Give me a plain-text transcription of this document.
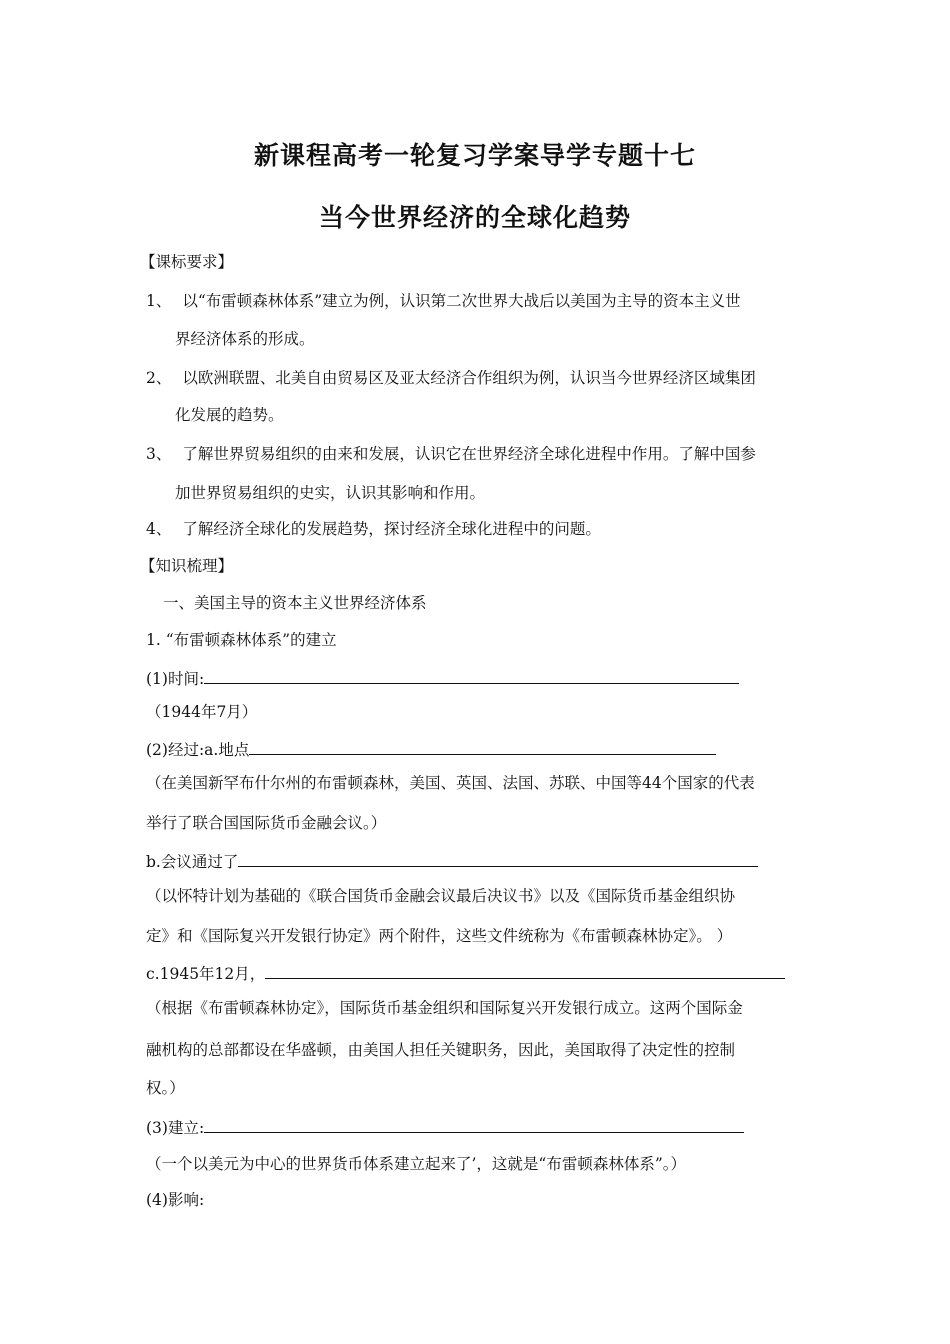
新课程高考一轮复习学案导学专题十七
当今世界经济的全球化趋势
【课标要求】
1、 以“布雷顿森林体系”建立为例，认识第二次世界大战后以美国为主导的资本主义世
界经济体系的形成。
2、 以欧洲联盟、北美自由贸易区及亚太经济合作组织为例，认识当今世界经济区域集团
化发展的趋势。
3、 了解世界贸易组织的由来和发展，认识它在世界经济全球化进程中作用。了解中国参
加世界贸易组织的史实，认识其影响和作用。
4、 了解经济全球化的发展趋势，探讨经济全球化进程中的问题。
【知识梳理】
一、美国主导的资本主义世界经济体系
1. “布雷顿森林体系”的建立
(1)时间:
（1944年7月）
(2)经过:a.地点
（在美国新罕布什尔州的布雷顿森林，美国、英国、法国、苏联、中国等44个国家的代表
举行了联合国国际货币金融会议。）
b.会议通过了
（以怀特计划为基础的《联合国货币金融会议最后决议书》以及《国际货币基金组织协
定》和《国际复兴开发银行协定》两个附件，这些文件统称为《布雷顿森林协定》。 ）
c.1945年12月，
（根据《布雷顿森林协定》，国际货币基金组织和国际复兴开发银行成立。这两个国际金
融机构的总部都设在华盛顿，由美国人担任关键职务，因此，美国取得了决定性的控制
权。）
(3)建立:
（一个以美元为中心的世界货币体系建立起来了’，这就是“布雷顿森林体系”。）
(4)影响:
